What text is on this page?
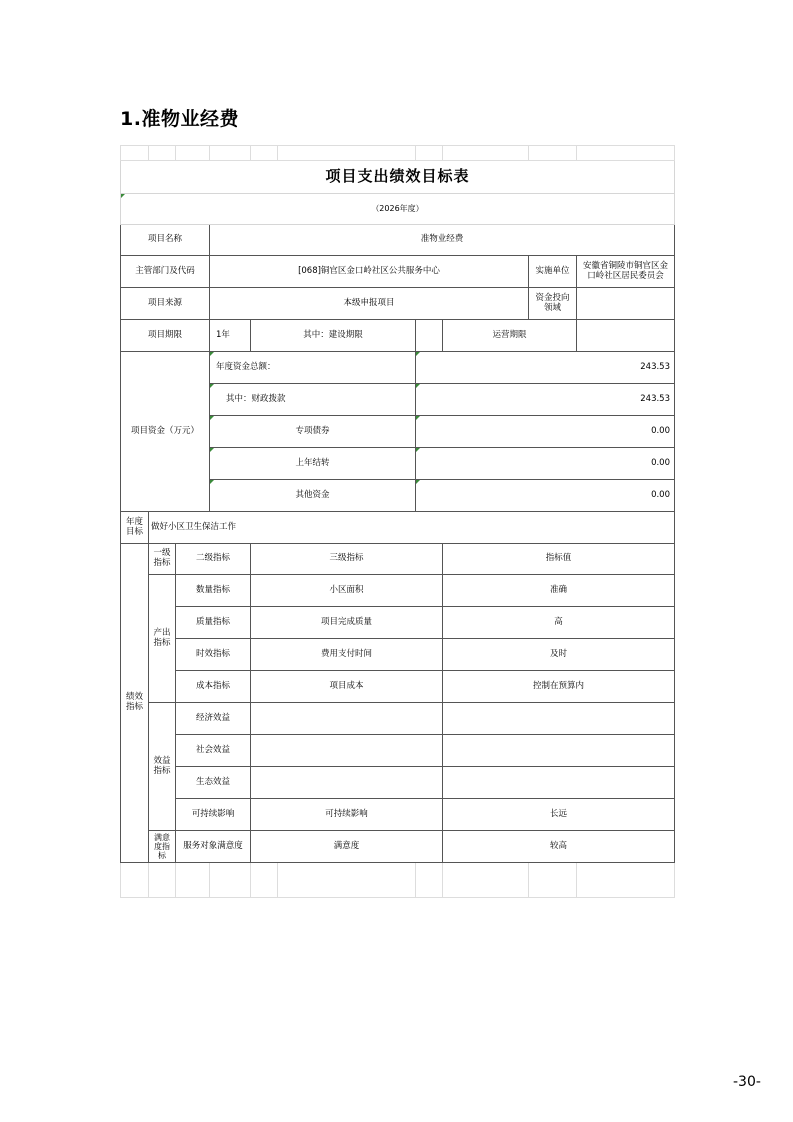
1.准物业经费

项目支出绩效目标表									
（2026年度）									
项目名称			准物业经费						
主管部门及代码			[068]铜官区金口岭社区公共服务中心					实施单位	安徽省铜陵市铜官区金口岭社区居民委员会
项目来源			本级申报项目					资金投向领域	
项目期限			1年	其中：建设期限			运营期限		
项目资金（万元）			年度资金总额：			243.53			
			其中：财政拨款			243.53			
			专项债券			0.00			
			上年结转			0.00			
			其他资金			0.00			
年度目标	做好小区卫生保洁工作								
绩效指标	一级指标	二级指标		三级指标			指标值		
	产出指标	数量指标		小区面积			准确		
		质量指标		项目完成质量			高		
		时效指标		费用支付时间			及时		
		成本指标		项目成本			控制在预算内		
	效益指标	经济效益							
		社会效益							
		生态效益							
		可持续影响		可持续影响			长远		
	满意度指标	服务对象满意度		满意度			较高		

-30-
